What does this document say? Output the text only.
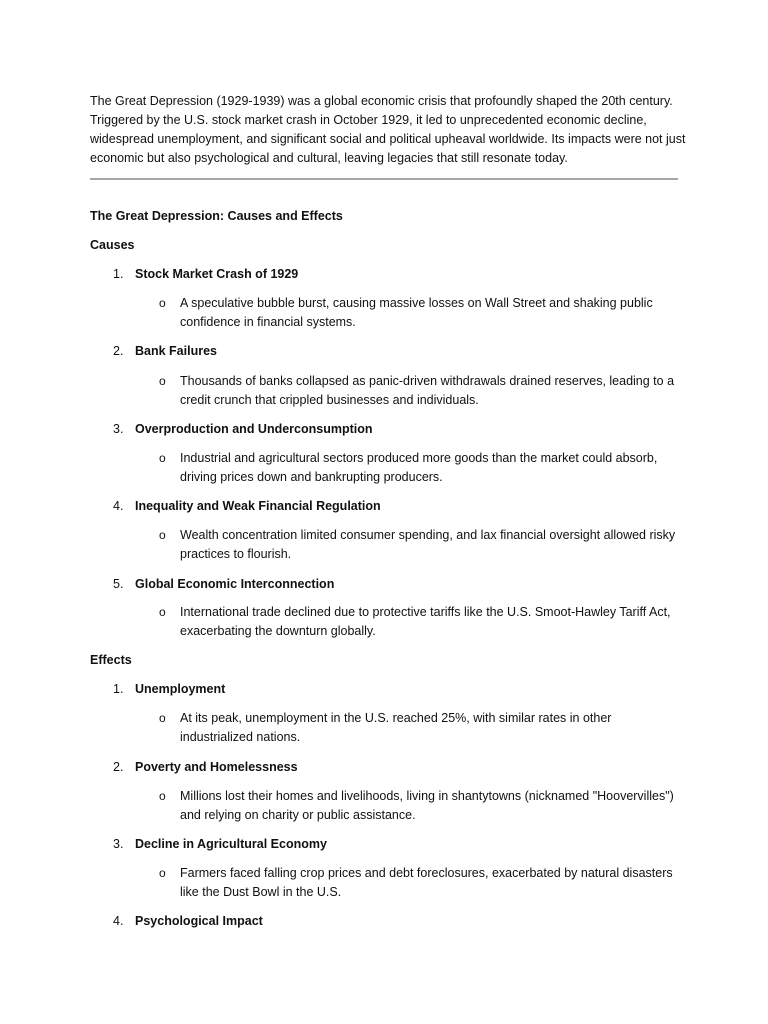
The Great Depression (1929-1939) was a global economic crisis that profoundly shaped the 20th century. Triggered by the U.S. stock market crash in October 1929, it led to unprecedented economic decline, widespread unemployment, and significant social and political upheaval worldwide. Its impacts were not just economic but also psychological and cultural, leaving legacies that still resonate today.

The Great Depression: Causes and Effects

Causes

1. Stock Market Crash of 1929

o A speculative bubble burst, causing massive losses on Wall Street and shaking public confidence in financial systems.

2. Bank Failures

o Thousands of banks collapsed as panic-driven withdrawals drained reserves, leading to a credit crunch that crippled businesses and individuals.

3. Overproduction and Underconsumption

o Industrial and agricultural sectors produced more goods than the market could absorb, driving prices down and bankrupting producers.

4. Inequality and Weak Financial Regulation

o Wealth concentration limited consumer spending, and lax financial oversight allowed risky practices to flourish.

5. Global Economic Interconnection

o International trade declined due to protective tariffs like the U.S. Smoot-Hawley Tariff Act, exacerbating the downturn globally.

Effects

1. Unemployment

o At its peak, unemployment in the U.S. reached 25%, with similar rates in other industrialized nations.

2. Poverty and Homelessness

o Millions lost their homes and livelihoods, living in shantytowns (nicknamed "Hoovervilles") and relying on charity or public assistance.

3. Decline in Agricultural Economy

o Farmers faced falling crop prices and debt foreclosures, exacerbated by natural disasters like the Dust Bowl in the U.S.

4. Psychological Impact
